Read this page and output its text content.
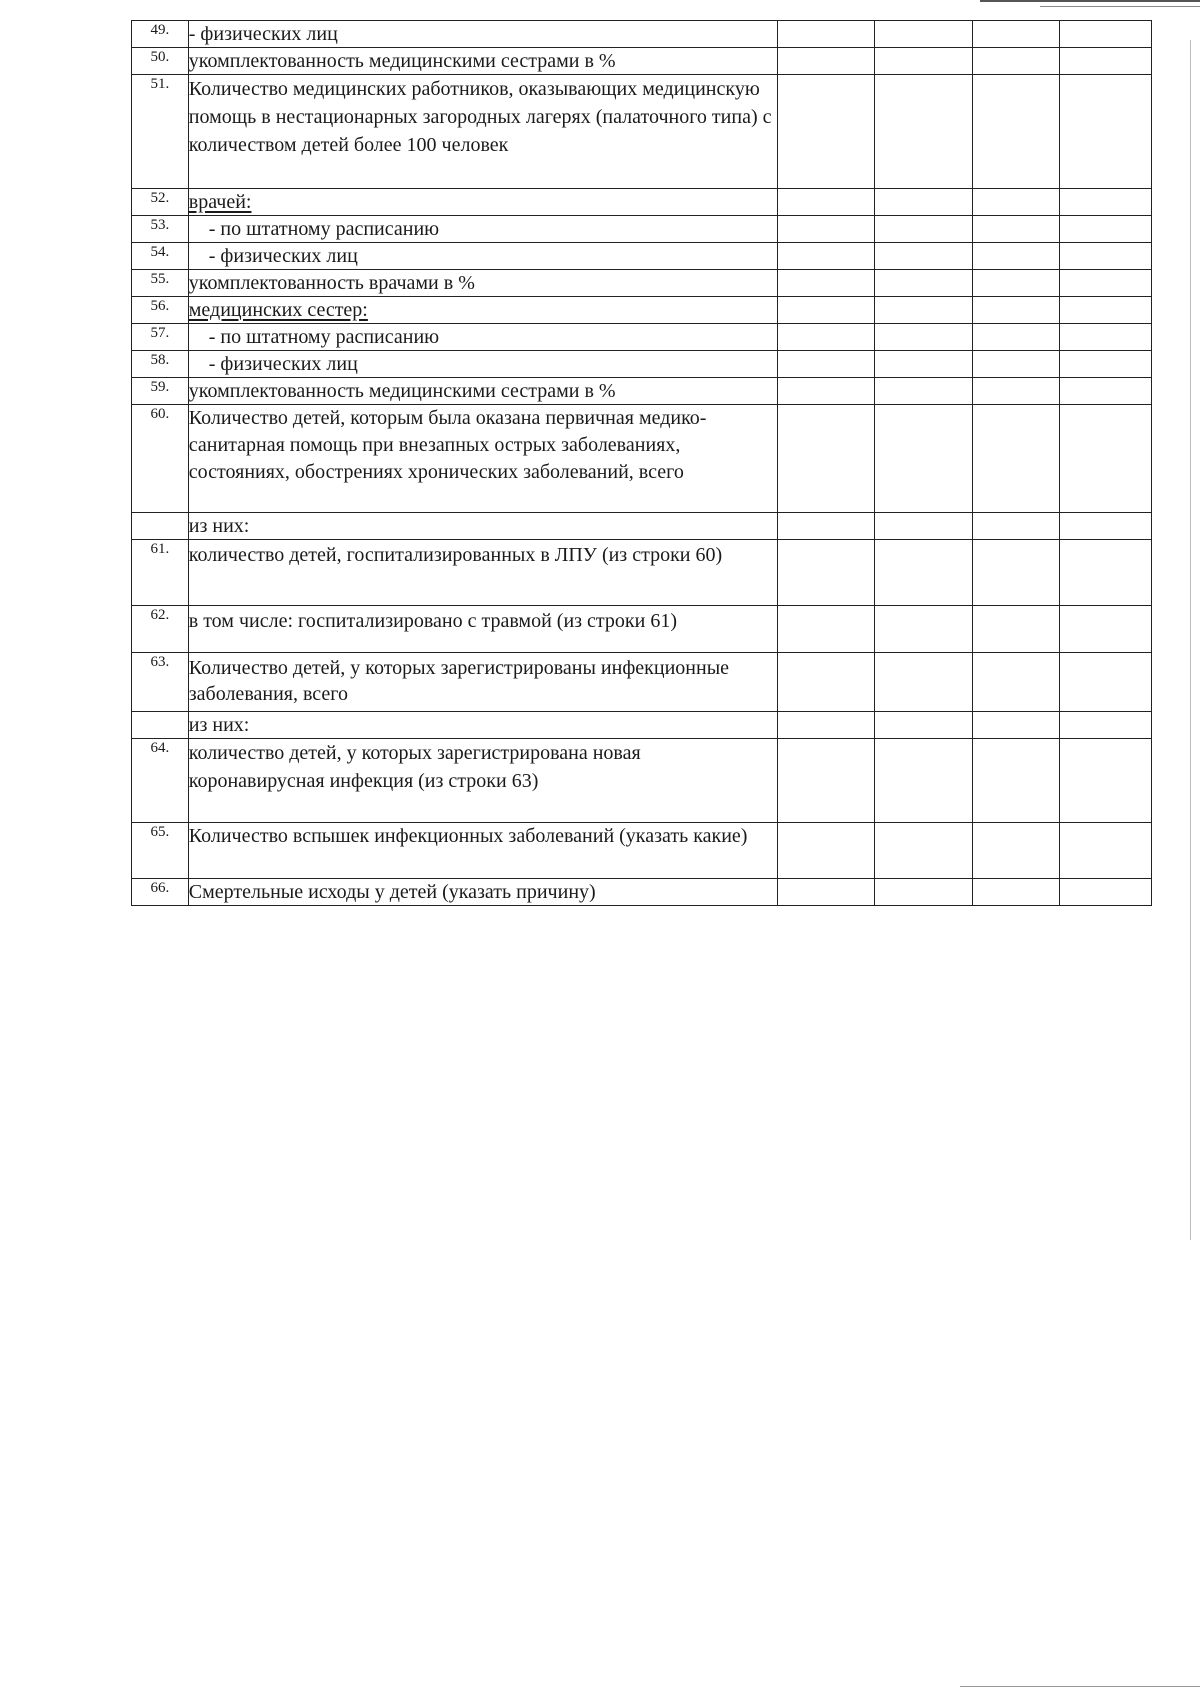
49.	- физических лиц				
50.	укомплектованность медицинскими сестрами в %				
51.	Количество медицинских работников, оказывающих медицинскую помощь в нестационарных загородных лагерях (палаточного типа) с количеством детей более 100 человек				
52.	врачей:				
53.	- по штатному расписанию				
54.	- физических лиц				
55.	укомплектованность врачами в %				
56.	медицинских сестер:				
57.	- по штатному расписанию				
58.	- физических лиц				
59.	укомплектованность медицинскими сестрами в %				
60.	Количество детей, которым была оказана первичная медико-санитарная помощь при внезапных острых заболеваниях, состояниях, обострениях хронических заболеваний, всего				
	из них:				
61.	количество детей, госпитализированных в ЛПУ (из строки 60)				
62.	в том числе: госпитализировано с травмой (из строки 61)				
63.	Количество детей, у которых зарегистрированы инфекционные заболевания, всего				
	из них:				
64.	количество детей, у которых зарегистрирована новая коронавирусная инфекция (из строки 63)				
65.	Количество вспышек инфекционных заболеваний (указать какие)				
66.	Смертельные исходы у детей (указать причину)				
